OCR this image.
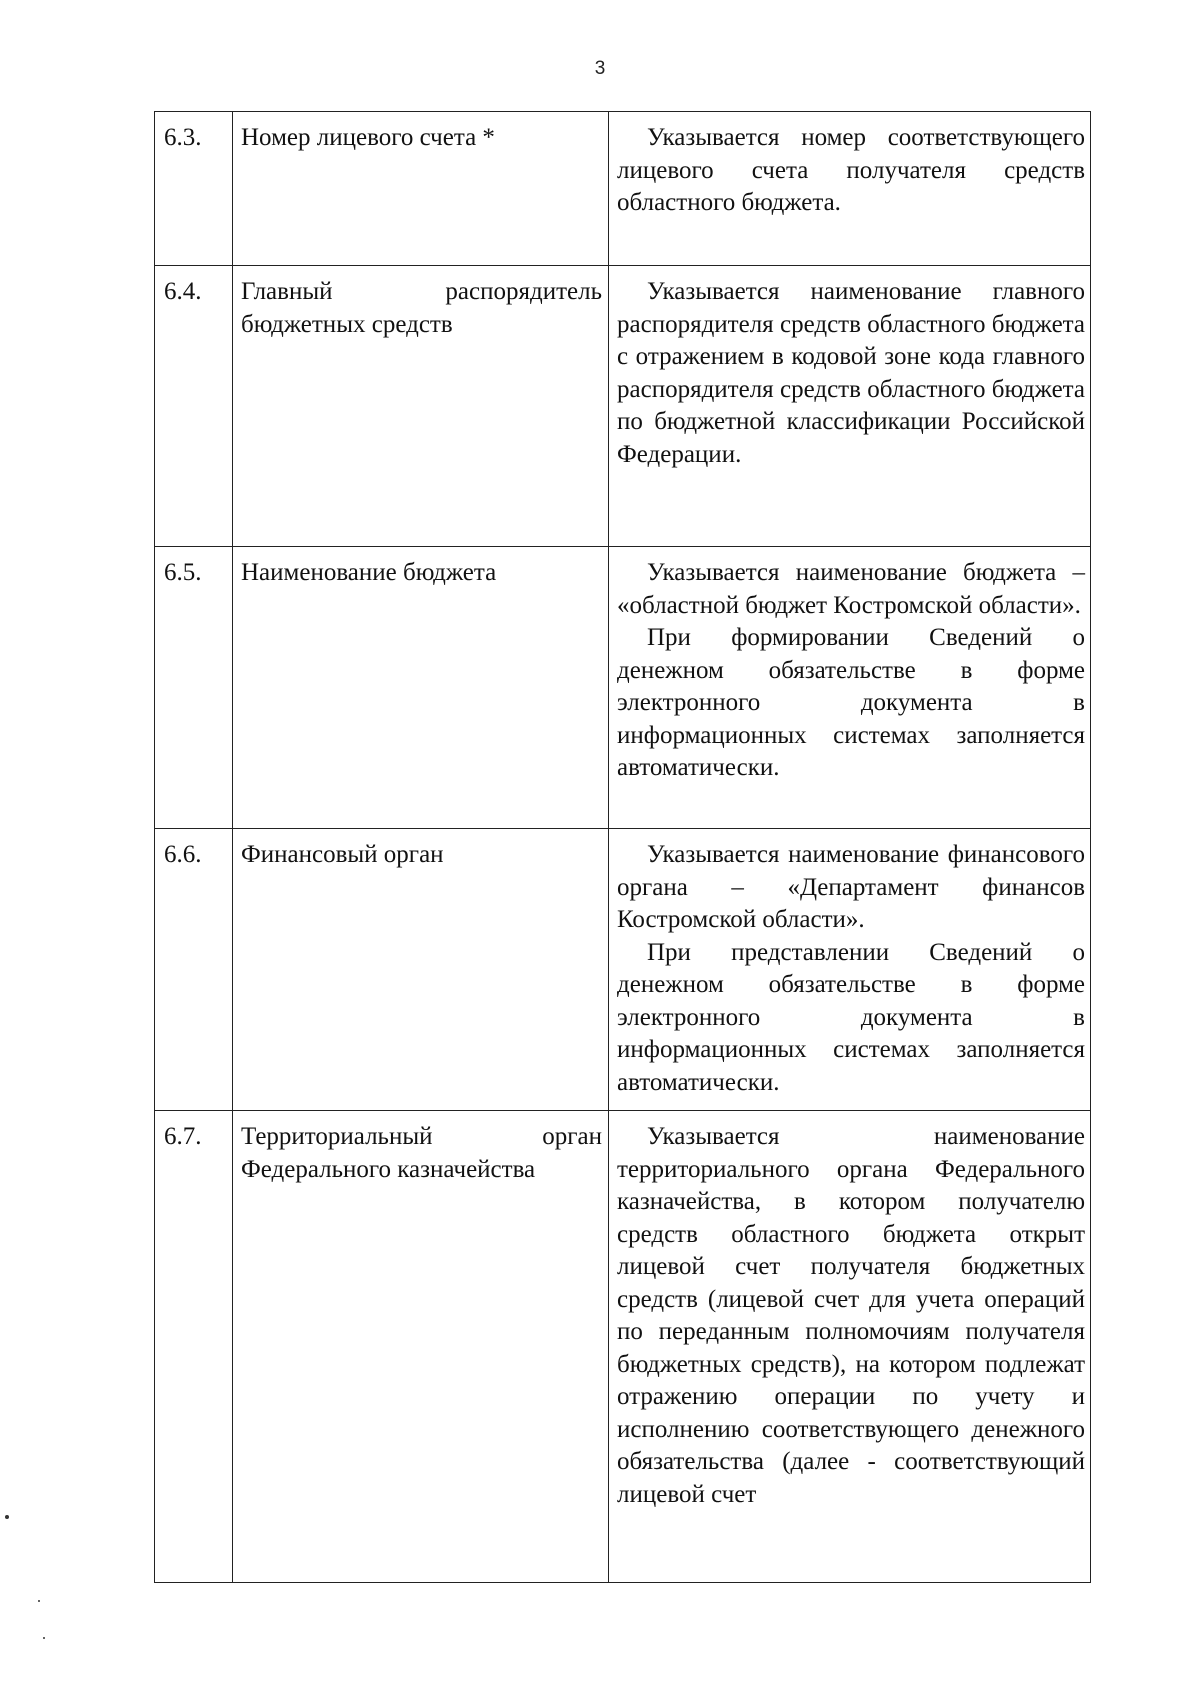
3
6.3.	Номер лицевого счета *	Указывается номер соответствующего лицевого счета получателя средств областного бюджета.

6.4.	Главный распорядитель бюджетных средств	Указывается наименование главного распорядителя средств областного бюджета с отражением в кодовой зоне кода главного распорядителя средств областного бюджета по бюджетной классификации Российской Федерации.

6.5.	Наименование бюджета	Указывается наименование бюджета – «областной бюджет Костромской области».
При формировании Сведений о денежном обязательстве в форме электронного документа в информационных системах заполняется автоматически.

6.6.	Финансовый орган	Указывается наименование финансового органа – «Департамент финансов Костромской области».
При представлении Сведений о денежном обязательстве в форме электронного документа в информационных системах заполняется автоматически.

6.7.	Территориальный орган Федерального казначейства	Указывается наименование территориального органа Федерального казначейства, в котором получателю средств областного бюджета открыт лицевой счет получателя бюджетных средств (лицевой счет для учета операций по переданным полномочиям получателя бюджетных средств), на котором подлежат отражению операции по учету и исполнению соответствующего денежного обязательства (далее - соответствующий лицевой счет
